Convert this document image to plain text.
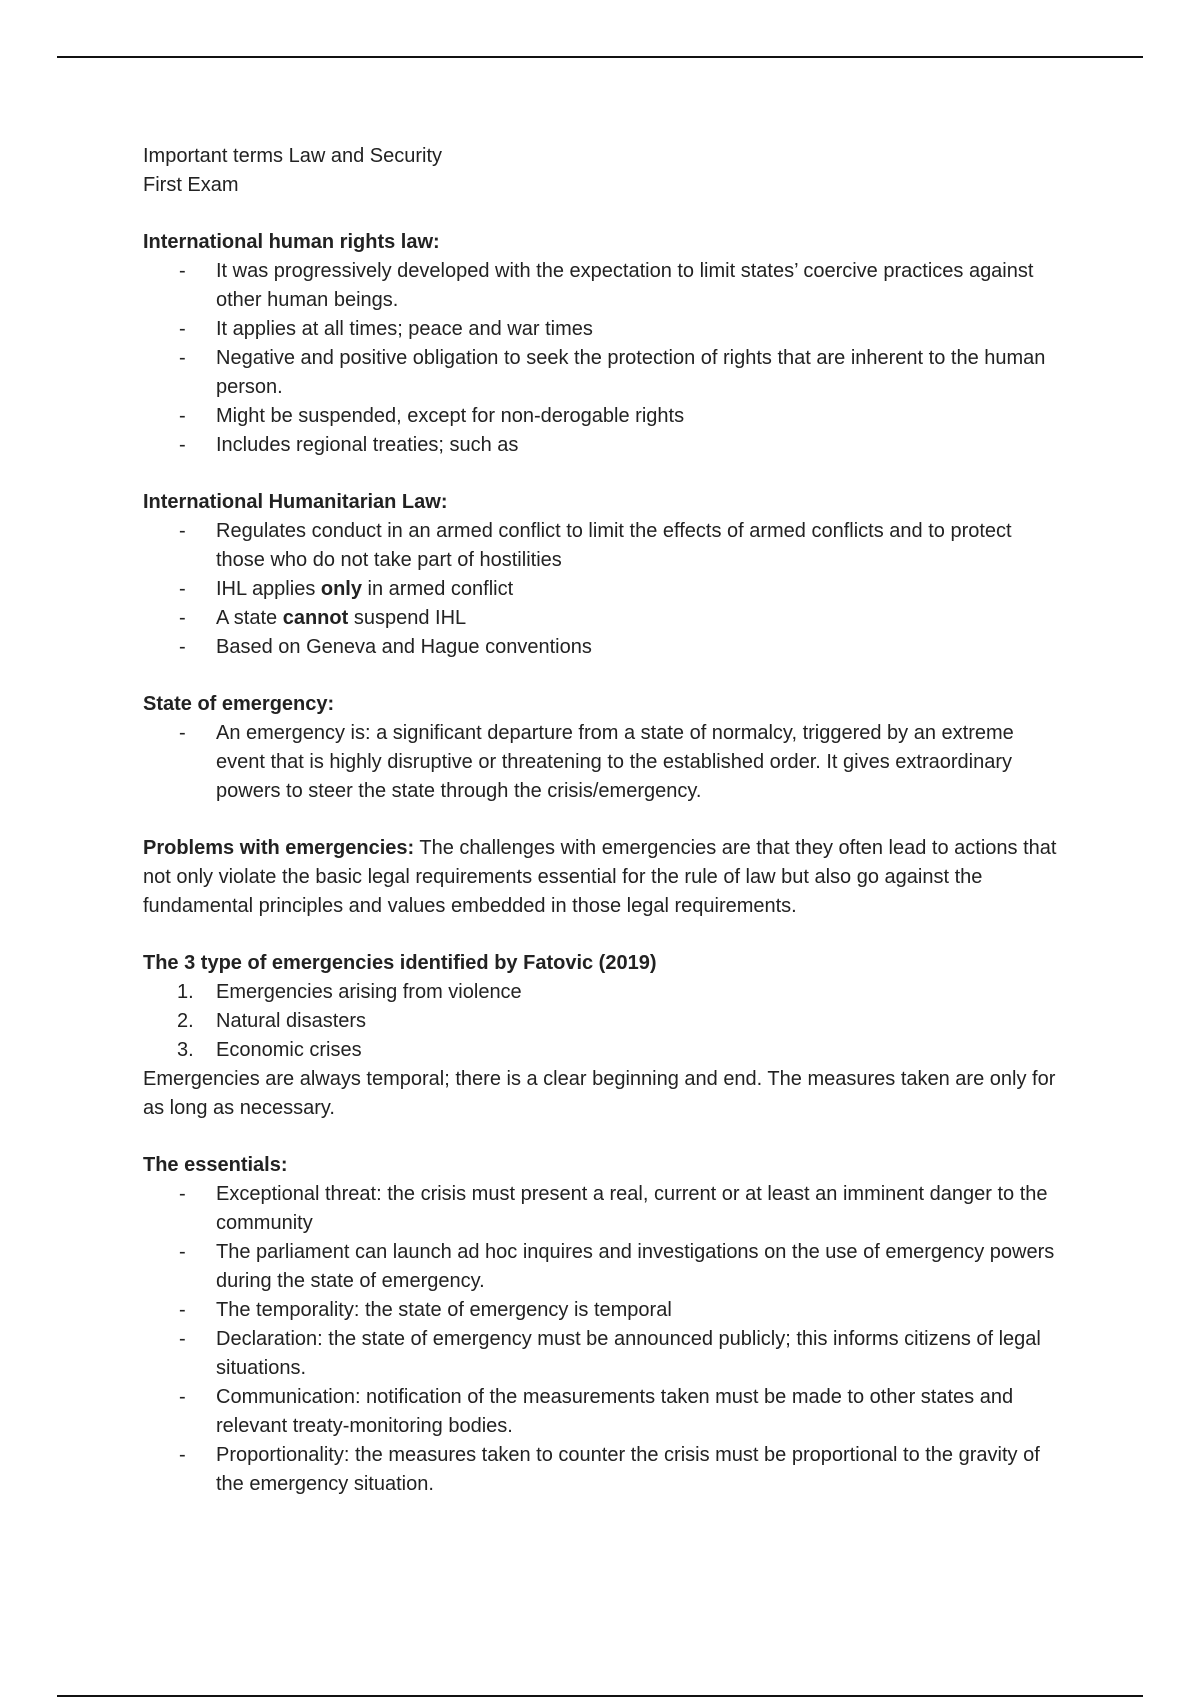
Important terms Law and Security

First Exam

International human rights law:

-	It was progressively developed with the expectation to limit states’ coercive practices against other human beings.
-	It applies at all times; peace and war times
-	Negative and positive obligation to seek the protection of rights that are inherent to the human person.
-	Might be suspended, except for non-derogable rights
-	Includes regional treaties; such as

International Humanitarian Law:

-	Regulates conduct in an armed conflict to limit the effects of armed conflicts and to protect those who do not take part of hostilities
-	IHL applies only in armed conflict
-	A state cannot suspend IHL
-	Based on Geneva and Hague conventions

State of emergency:

-	An emergency is: a significant departure from a state of normalcy, triggered by an extreme event that is highly disruptive or threatening to the established order. It gives extraordinary powers to steer the state through the crisis/emergency.

Problems with emergencies: The challenges with emergencies are that they often lead to actions that not only violate the basic legal requirements essential for the rule of law but also go against the fundamental principles and values embedded in those legal requirements.

The 3 type of emergencies identified by Fatovic (2019)

1.	Emergencies arising from violence
2.	Natural disasters
3.	Economic crises

Emergencies are always temporal; there is a clear beginning and end. The measures taken are only for as long as necessary.

The essentials:

-	Exceptional threat: the crisis must present a real, current or at least an imminent danger to the community
-	The parliament can launch ad hoc inquires and investigations on the use of emergency powers during the state of emergency.
-	The temporality: the state of emergency is temporal
-	Declaration: the state of emergency must be announced publicly; this informs citizens of legal situations.
-	Communication: notification of the measurements taken must be made to other states and relevant treaty-monitoring bodies.
-	Proportionality: the measures taken to counter the crisis must be proportional to the gravity of the emergency situation.
